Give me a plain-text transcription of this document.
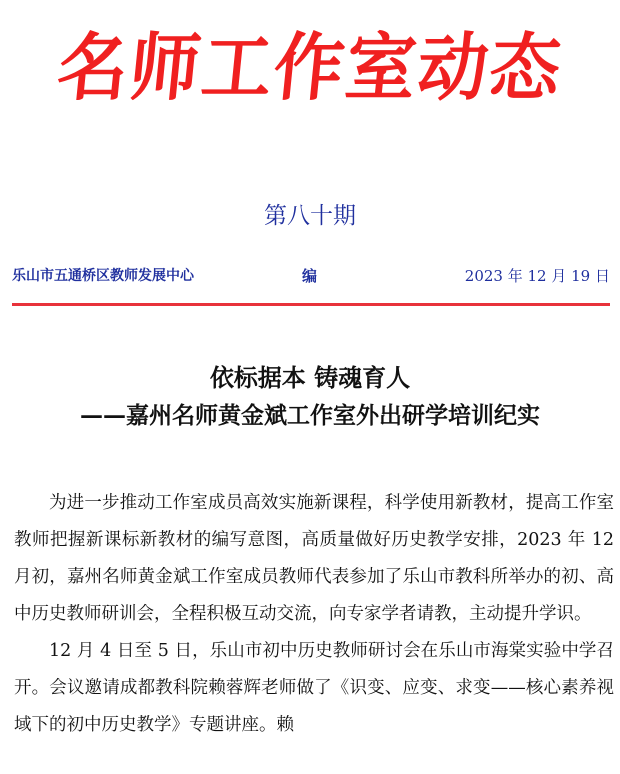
名师工作室动态
第八十期
乐山市五通桥区教师发展中心	编	2023 年 12 月 19 日
依标据本 铸魂育人
——嘉州名师黄金斌工作室外出研学培训纪实

为进一步推动工作室成员高效实施新课程，科学使用新教材，提高工作室教师把握新课标新教材的编写意图，高质量做好历史教学安排，2023 年 12 月初，嘉州名师黄金斌工作室成员教师代表参加了乐山市教科所举办的初、高中历史教师研训会，全程积极互动交流，向专家学者请教，主动提升学识。

12 月 4 日至 5 日，乐山市初中历史教师研讨会在乐山市海棠实验中学召开。会议邀请成都教科院赖蓉辉老师做了《识变、应变、求变——核心素养视域下的初中历史教学》专题讲座。赖
